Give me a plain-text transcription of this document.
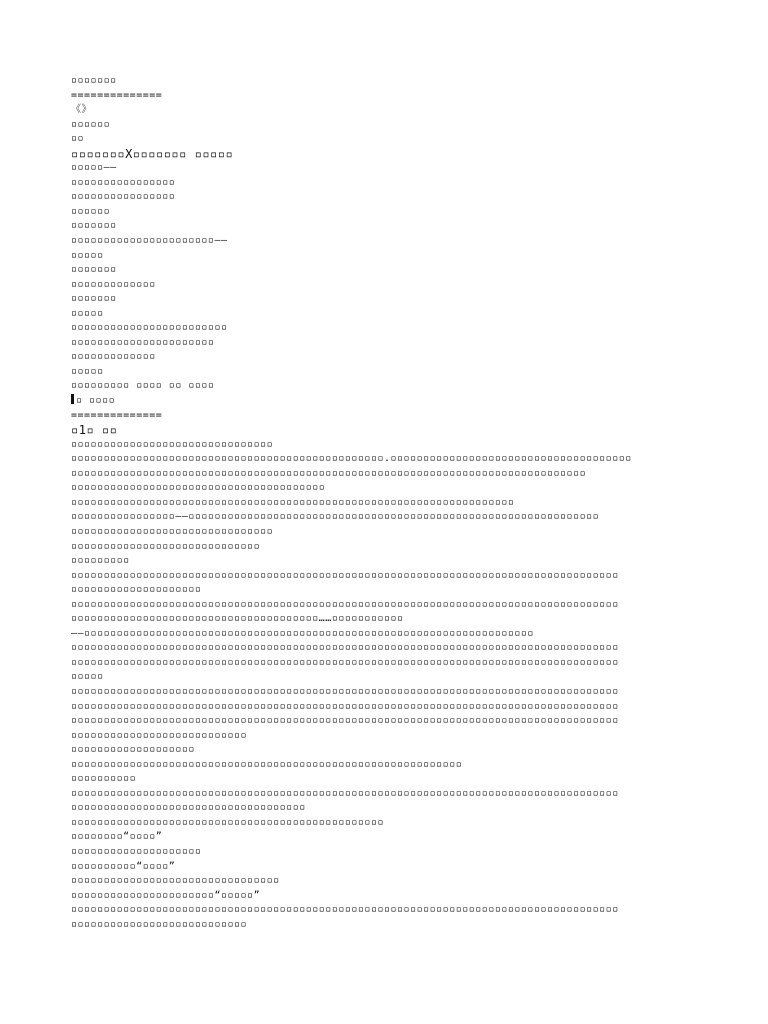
▫▫▫▫▫▫▫
==============
《》
▫▫▫▫▫▫
▫▫
▫▫▫▫▫▫▫X▫▫▫▫▫▫▫ ▫▫▫▫▫
▫▫▫▫▫——
▫▫▫▫▫▫▫▫▫▫▫▫▫▫▫▫
▫▫▫▫▫▫▫▫▫▫▫▫▫▫▫▫
▫▫▫▫▫▫
▫▫▫▫▫▫▫
▫▫▫▫▫▫▫▫▫▫▫▫▫▫▫▫▫▫▫▫▫▫——
▫▫▫▫▫
▫▫▫▫▫▫▫
▫▫▫▫▫▫▫▫▫▫▫▫▫
▫▫▫▫▫▫▫
▫▫▫▫▫
▫▫▫▫▫▫▫▫▫▫▫▫▫▫▫▫▫▫▫▫▫▫▫▫
▫▫▫▫▫▫▫▫▫▫▫▫▫▫▫▫▫▫▫▫▫▫
▫▫▫▫▫▫▫▫▫▫▫▫▫
▫▫▫▫▫
▫▫▫▫▫▫▫▫▫ ▫▫▫▫ ▫▫ ▫▫▫▫
▫ ▫▫▫▫
==============
▫1▫ ▫▫
▫▫▫▫▫▫▫▫▫▫▫▫▫▫▫▫▫▫▫▫▫▫▫▫▫▫▫▫▫▫▫
▫▫▫▫▫▫▫▫▫▫▫▫▫▫▫▫▫▫▫▫▫▫▫▫▫▫▫▫▫▫▫▫▫▫▫▫▫▫▫▫▫▫▫▫▫▫▫▫.▫▫▫▫▫▫▫▫▫▫▫▫▫▫▫▫▫▫▫▫▫▫▫▫▫▫▫▫▫▫▫▫▫▫▫▫▫
▫▫▫▫▫▫▫▫▫▫▫▫▫▫▫▫▫▫▫▫▫▫▫▫▫▫▫▫▫▫▫▫▫▫▫▫▫▫▫▫▫▫▫▫▫▫▫▫▫▫▫▫▫▫▫▫▫▫▫▫▫▫▫▫▫▫▫▫▫▫▫▫▫▫▫▫▫▫▫
▫▫▫▫▫▫▫▫▫▫▫▫▫▫▫▫▫▫▫▫▫▫▫▫▫▫▫▫▫▫▫▫▫▫▫▫▫▫▫
▫▫▫▫▫▫▫▫▫▫▫▫▫▫▫▫▫▫▫▫▫▫▫▫▫▫▫▫▫▫▫▫▫▫▫▫▫▫▫▫▫▫▫▫▫▫▫▫▫▫▫▫▫▫▫▫▫▫▫▫▫▫▫▫▫▫▫▫
▫▫▫▫▫▫▫▫▫▫▫▫▫▫▫▫——▫▫▫▫▫▫▫▫▫▫▫▫▫▫▫▫▫▫▫▫▫▫▫▫▫▫▫▫▫▫▫▫▫▫▫▫▫▫▫▫▫▫▫▫▫▫▫▫▫▫▫▫▫▫▫▫▫▫▫▫▫▫▫
▫▫▫▫▫▫▫▫▫▫▫▫▫▫▫▫▫▫▫▫▫▫▫▫▫▫▫▫▫▫▫
▫▫▫▫▫▫▫▫▫▫▫▫▫▫▫▫▫▫▫▫▫▫▫▫▫▫▫▫▫
▫▫▫▫▫▫▫▫▫
▫▫▫▫▫▫▫▫▫▫▫▫▫▫▫▫▫▫▫▫▫▫▫▫▫▫▫▫▫▫▫▫▫▫▫▫▫▫▫▫▫▫▫▫▫▫▫▫▫▫▫▫▫▫▫▫▫▫▫▫▫▫▫▫▫▫▫▫▫▫▫▫▫▫▫▫▫▫▫▫▫▫▫▫
▫▫▫▫▫▫▫▫▫▫▫▫▫▫▫▫▫▫▫▫
▫▫▫▫▫▫▫▫▫▫▫▫▫▫▫▫▫▫▫▫▫▫▫▫▫▫▫▫▫▫▫▫▫▫▫▫▫▫▫▫▫▫▫▫▫▫▫▫▫▫▫▫▫▫▫▫▫▫▫▫▫▫▫▫▫▫▫▫▫▫▫▫▫▫▫▫▫▫▫▫▫▫▫▫
▫▫▫▫▫▫▫▫▫▫▫▫▫▫▫▫▫▫▫▫▫▫▫▫▫▫▫▫▫▫▫▫▫▫▫▫▫▫……▫▫▫▫▫▫▫▫▫▫▫
——▫▫▫▫▫▫▫▫▫▫▫▫▫▫▫▫▫▫▫▫▫▫▫▫▫▫▫▫▫▫▫▫▫▫▫▫▫▫▫▫▫▫▫▫▫▫▫▫▫▫▫▫▫▫▫▫▫▫▫▫▫▫▫▫▫▫▫▫▫
▫▫▫▫▫▫▫▫▫▫▫▫▫▫▫▫▫▫▫▫▫▫▫▫▫▫▫▫▫▫▫▫▫▫▫▫▫▫▫▫▫▫▫▫▫▫▫▫▫▫▫▫▫▫▫▫▫▫▫▫▫▫▫▫▫▫▫▫▫▫▫▫▫▫▫▫▫▫▫▫▫▫▫▫
▫▫▫▫▫▫▫▫▫▫▫▫▫▫▫▫▫▫▫▫▫▫▫▫▫▫▫▫▫▫▫▫▫▫▫▫▫▫▫▫▫▫▫▫▫▫▫▫▫▫▫▫▫▫▫▫▫▫▫▫▫▫▫▫▫▫▫▫▫▫▫▫▫▫▫▫▫▫▫▫▫▫▫▫
▫▫▫▫▫
▫▫▫▫▫▫▫▫▫▫▫▫▫▫▫▫▫▫▫▫▫▫▫▫▫▫▫▫▫▫▫▫▫▫▫▫▫▫▫▫▫▫▫▫▫▫▫▫▫▫▫▫▫▫▫▫▫▫▫▫▫▫▫▫▫▫▫▫▫▫▫▫▫▫▫▫▫▫▫▫▫▫▫▫
▫▫▫▫▫▫▫▫▫▫▫▫▫▫▫▫▫▫▫▫▫▫▫▫▫▫▫▫▫▫▫▫▫▫▫▫▫▫▫▫▫▫▫▫▫▫▫▫▫▫▫▫▫▫▫▫▫▫▫▫▫▫▫▫▫▫▫▫▫▫▫▫▫▫▫▫▫▫▫▫▫▫▫▫
▫▫▫▫▫▫▫▫▫▫▫▫▫▫▫▫▫▫▫▫▫▫▫▫▫▫▫▫▫▫▫▫▫▫▫▫▫▫▫▫▫▫▫▫▫▫▫▫▫▫▫▫▫▫▫▫▫▫▫▫▫▫▫▫▫▫▫▫▫▫▫▫▫▫▫▫▫▫▫▫▫▫▫▫
▫▫▫▫▫▫▫▫▫▫▫▫▫▫▫▫▫▫▫▫▫▫▫▫▫▫▫
▫▫▫▫▫▫▫▫▫▫▫▫▫▫▫▫▫▫▫
▫▫▫▫▫▫▫▫▫▫▫▫▫▫▫▫▫▫▫▫▫▫▫▫▫▫▫▫▫▫▫▫▫▫▫▫▫▫▫▫▫▫▫▫▫▫▫▫▫▫▫▫▫▫▫▫▫▫▫▫
▫▫▫▫▫▫▫▫▫▫
▫▫▫▫▫▫▫▫▫▫▫▫▫▫▫▫▫▫▫▫▫▫▫▫▫▫▫▫▫▫▫▫▫▫▫▫▫▫▫▫▫▫▫▫▫▫▫▫▫▫▫▫▫▫▫▫▫▫▫▫▫▫▫▫▫▫▫▫▫▫▫▫▫▫▫▫▫▫▫▫▫▫▫▫
▫▫▫▫▫▫▫▫▫▫▫▫▫▫▫▫▫▫▫▫▫▫▫▫▫▫▫▫▫▫▫▫▫▫▫▫
▫▫▫▫▫▫▫▫▫▫▫▫▫▫▫▫▫▫▫▫▫▫▫▫▫▫▫▫▫▫▫▫▫▫▫▫▫▫▫▫▫▫▫▫▫▫▫▫
▫▫▫▫▫▫▫▫“▫▫▫▫”
▫▫▫▫▫▫▫▫▫▫▫▫▫▫▫▫▫▫▫▫
▫▫▫▫▫▫▫▫▫▫“▫▫▫▫”
▫▫▫▫▫▫▫▫▫▫▫▫▫▫▫▫▫▫▫▫▫▫▫▫▫▫▫▫▫▫▫▫
▫▫▫▫▫▫▫▫▫▫▫▫▫▫▫▫▫▫▫▫▫▫“▫▫▫▫▫”
▫▫▫▫▫▫▫▫▫▫▫▫▫▫▫▫▫▫▫▫▫▫▫▫▫▫▫▫▫▫▫▫▫▫▫▫▫▫▫▫▫▫▫▫▫▫▫▫▫▫▫▫▫▫▫▫▫▫▫▫▫▫▫▫▫▫▫▫▫▫▫▫▫▫▫▫▫▫▫▫▫▫▫▫
▫▫▫▫▫▫▫▫▫▫▫▫▫▫▫▫▫▫▫▫▫▫▫▫▫▫▫
